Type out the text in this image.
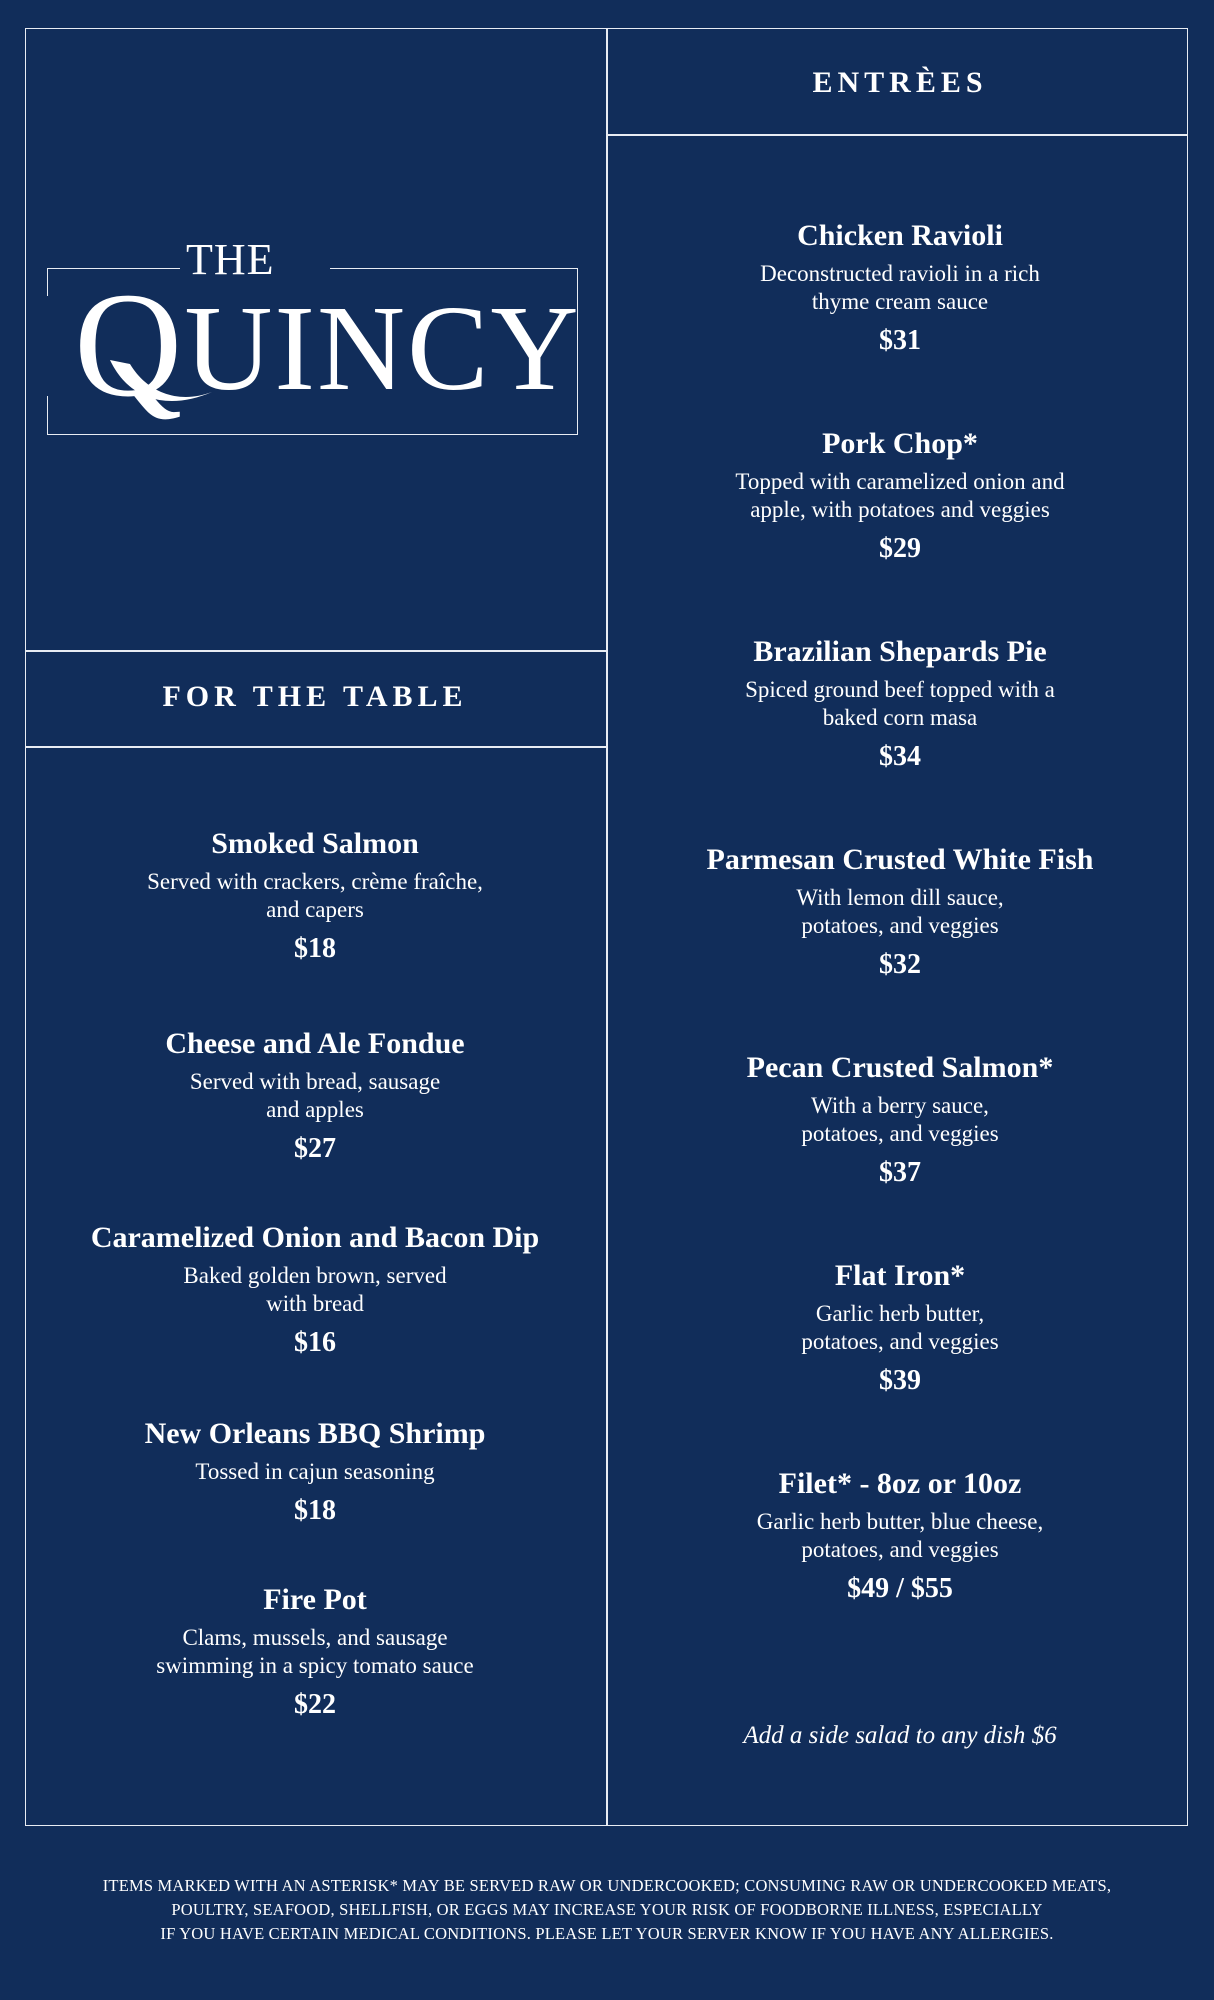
THE
QUINCY
FOR THE TABLE

Smoked Salmon

Served with crackers, crème fraîche,
and capers

$18

Cheese and Ale Fondue

Served with bread, sausage
and apples

$27

Caramelized Onion and Bacon Dip

Baked golden brown, served
with bread

$16

New Orleans BBQ Shrimp

Tossed in cajun seasoning

$18

Fire Pot

Clams, mussels, and sausage
swimming in a spicy tomato sauce

$22

ENTRÈES

Chicken Ravioli

Deconstructed ravioli in a rich
thyme cream sauce

$31

Pork Chop*

Topped with caramelized onion and
apple, with potatoes and veggies

$29

Brazilian Shepards Pie

Spiced ground beef topped with a
baked corn masa

$34

Parmesan Crusted White Fish

With lemon dill sauce,
potatoes, and veggies

$32

Pecan Crusted Salmon*

With a berry sauce,
potatoes, and veggies

$37

Flat Iron*

Garlic herb butter,
potatoes, and veggies

$39

Filet* - 8oz or 10oz

Garlic herb butter, blue cheese,
potatoes, and veggies

$49 / $55

Add a side salad to any dish $6
ITEMS MARKED WITH AN ASTERISK* MAY BE SERVED RAW OR UNDERCOOKED; CONSUMING RAW OR UNDERCOOKED MEATS,
POULTRY, SEAFOOD, SHELLFISH, OR EGGS MAY INCREASE YOUR RISK OF FOODBORNE ILLNESS, ESPECIALLY
IF YOU HAVE CERTAIN MEDICAL CONDITIONS. PLEASE LET YOUR SERVER KNOW IF YOU HAVE ANY ALLERGIES.
